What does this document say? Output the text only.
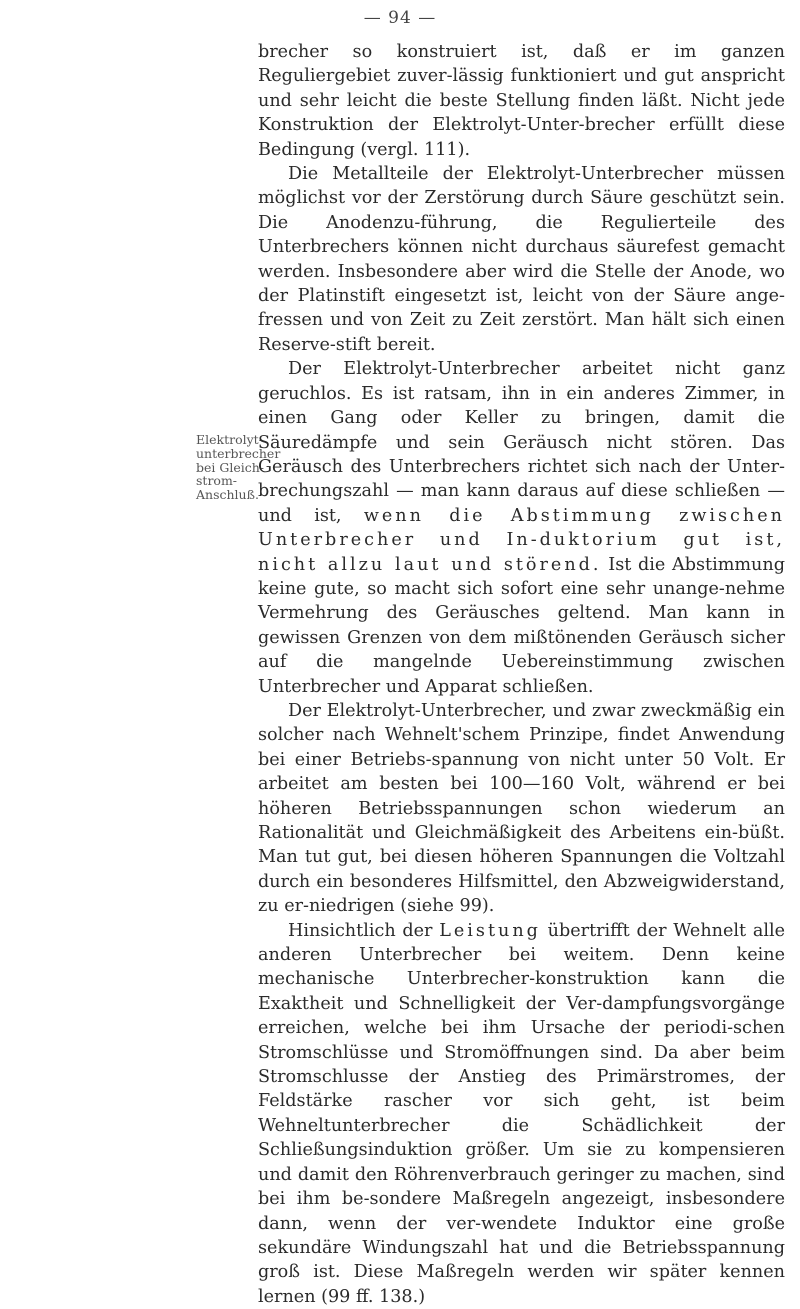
— 94 —
Elektrolyt-
unterbrecher
bei Gleich-
strom-
Anschluß.

brecher so konstruiert ist, daß er im ganzen Reguliergebiet zuver-lässig funktioniert und gut anspricht und sehr leicht die beste Stellung finden läßt. Nicht jede Konstruktion der Elektrolyt-Unter-brecher erfüllt diese Bedingung (vergl. 111).

Die Metallteile der Elektrolyt-Unterbrecher müssen möglichst vor der Zerstörung durch Säure geschützt sein. Die Anodenzu-führung, die Regulierteile des Unterbrechers können nicht durchaus säurefest gemacht werden. Insbesondere aber wird die Stelle der Anode, wo der Platinstift eingesetzt ist, leicht von der Säure ange-fressen und von Zeit zu Zeit zerstört. Man hält sich einen Reserve-stift bereit.

Der Elektrolyt-Unterbrecher arbeitet nicht ganz geruchlos. Es ist ratsam, ihn in ein anderes Zimmer, in einen Gang oder Keller zu bringen, damit die Säuredämpfe und sein Geräusch nicht stören. Das Geräusch des Unterbrechers richtet sich nach der Unter-brechungszahl — man kann daraus auf diese schließen — und ist, wenn die Abstimmung zwischen Unterbrecher und In-duktorium gut ist, nicht allzu laut und störend. Ist die Abstimmung keine gute, so macht sich sofort eine sehr unange-nehme Vermehrung des Geräusches geltend. Man kann in gewissen Grenzen von dem mißtönenden Geräusch sicher auf die mangelnde Uebereinstimmung zwischen Unterbrecher und Apparat schließen.

Der Elektrolyt-Unterbrecher, und zwar zweckmäßig ein solcher nach Wehnelt'schem Prinzipe, findet Anwendung bei einer Betriebs-spannung von nicht unter 50 Volt. Er arbeitet am besten bei 100—160 Volt, während er bei höheren Betriebsspannungen schon wiederum an Rationalität und Gleichmäßigkeit des Arbeitens ein-büßt. Man tut gut, bei diesen höheren Spannungen die Voltzahl durch ein besonderes Hilfsmittel, den Abzweigwiderstand, zu er-niedrigen (siehe 99).

Hinsichtlich der Leistung übertrifft der Wehnelt alle anderen Unterbrecher bei weitem. Denn keine mechanische Unterbrecher-konstruktion kann die Exaktheit und Schnelligkeit der Ver-dampfungsvorgänge erreichen, welche bei ihm Ursache der periodi-schen Stromschlüsse und Stromöffnungen sind. Da aber beim Stromschlusse der Anstieg des Primärstromes, der Feldstärke rascher vor sich geht, ist beim Wehneltunterbrecher die Schädlichkeit der Schließungsinduktion größer. Um sie zu kompensieren und damit den Röhrenverbrauch geringer zu machen, sind bei ihm be-sondere Maßregeln angezeigt, insbesondere dann, wenn der ver-wendete Induktor eine große sekundäre Windungszahl hat und die Betriebsspannung groß ist. Diese Maßregeln werden wir später kennen lernen (99 ff. 138.)
